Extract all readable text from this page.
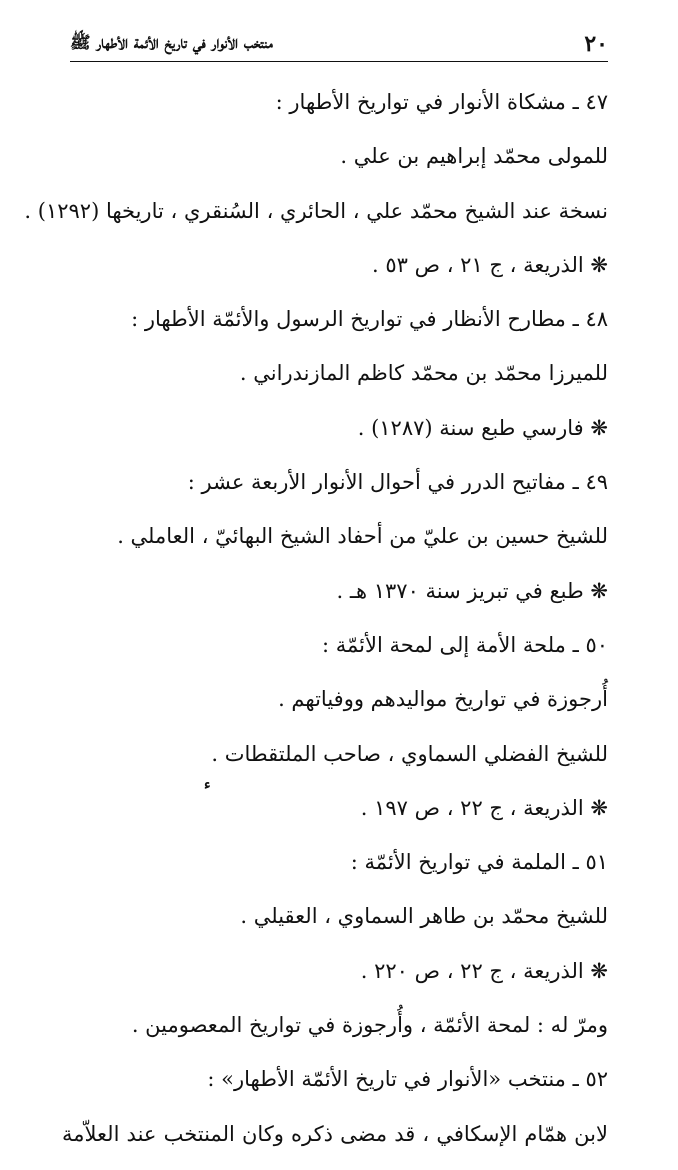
٢٠
منتخب الأنوار في تاريخ الأئمة الأطهار ﷺ
٤٧ ـ مشكاة الأنوار في تواريخ الأطهار :
للمولى محمّد إبراهيم بن علي .
نسخة عند الشيخ محمّد علي ، الحائري ، السُنقري ، تاريخها (١٢٩٢) .
❋ الذريعة ، ج ٢١ ، ص ٥٣ .
٤٨ ـ مطارح الأنظار في تواريخ الرسول والأئمّة الأطهار :
للميرزا محمّد بن محمّد كاظم المازندراني .
❋ فارسي طبع سنة (١٢٨٧) .
٤٩ ـ مفاتيح الدرر في أحوال الأنوار الأربعة عشر :
للشيخ حسين بن عليّ من أحفاد الشيخ البهائيّ ، العاملي .
❋ طبع في تبريز سنة ١٣٧٠ هـ .
٥٠ ـ ملحة الأمة إلى لمحة الأئمّة :
أُرجوزة في تواريخ مواليدهم ووفياتهم .
للشيخ الفضلي السماوي ، صاحب الملتقطات .
❋ الذريعة ، ج ٢٢ ، ص ١٩٧ .
٥١ ـ الملمة في تواريخ الأئمّة :
للشيخ محمّد بن طاهر السماوي ، العقيلي .
❋ الذريعة ، ج ٢٢ ، ص ٢٢٠ .
ومرّ له : لمحة الأئمّة ، وأُرجوزة في تواريخ المعصومين .
٥٢ ـ منتخب «الأنوار في تاريخ الأئمّة الأطهار» :
لابن همّام الإسكافي ، قد مضى ذكره وكان المنتخب عند العلاّمة
ء
